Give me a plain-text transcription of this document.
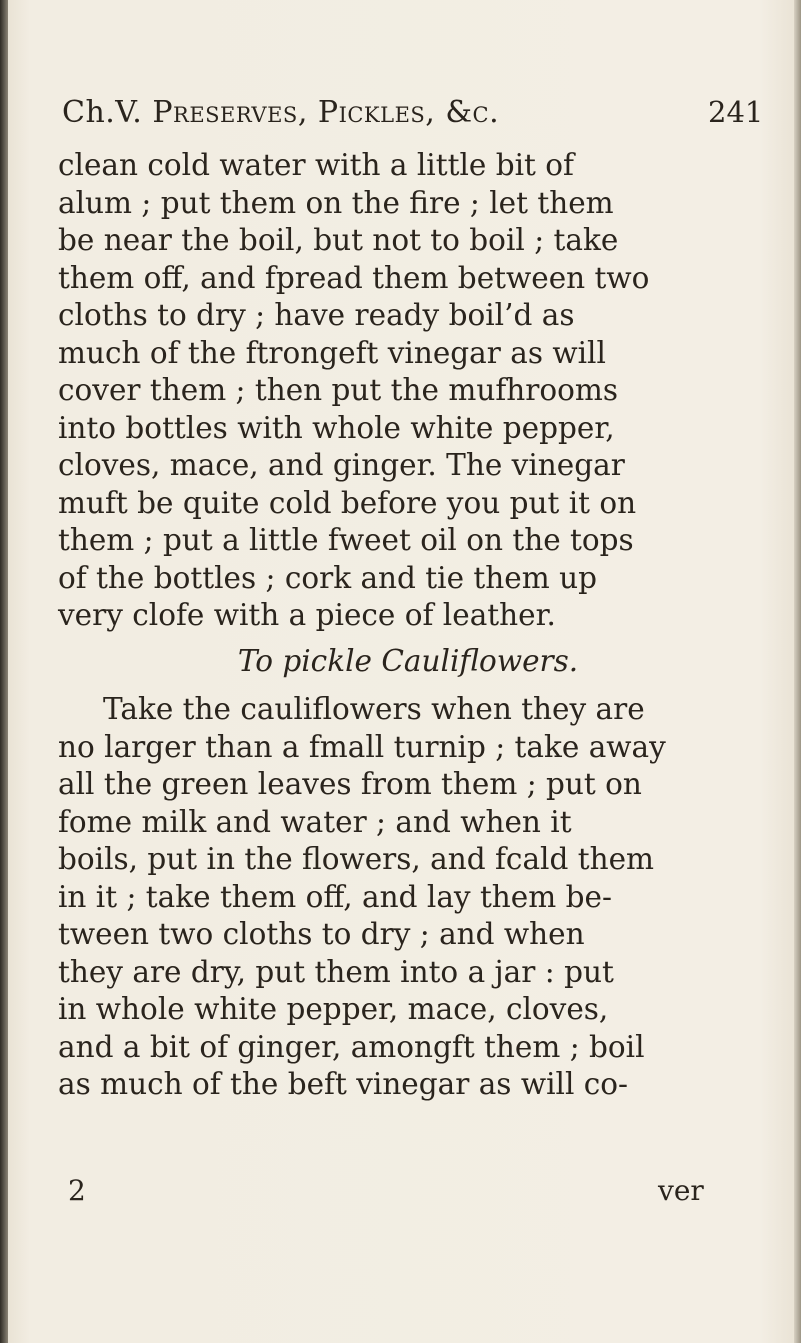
Ch.V. Preserves, Pickles, &c.	241
clean cold water with a little bit of
alum ; put them on the fire ; let them
be near the boil, but not to boil ; take
them off, and fpread them between two
cloths to dry ; have ready boil’d as
much of the ftrongeft vinegar as will
cover them ; then put the mufhrooms
into bottles with whole white pepper,
cloves, mace, and ginger. The vinegar
muft be quite cold before you put it on
them ; put a little fweet oil on the tops
of the bottles ; cork and tie them up
very clofe with a piece of leather.
To pickle Cauliflowers.
Take the cauliflowers when they are
no larger than a fmall turnip ; take away
all the green leaves from them ; put on
fome milk and water ; and when it
boils, put in the flowers, and fcald them
in it ; take them off, and lay them be-
tween two cloths to dry ; and when
they are dry, put them into a jar : put
in whole white pepper, mace, cloves,
and a bit of ginger, amongft them ; boil
as much of the beft vinegar as will co-
2	ver
